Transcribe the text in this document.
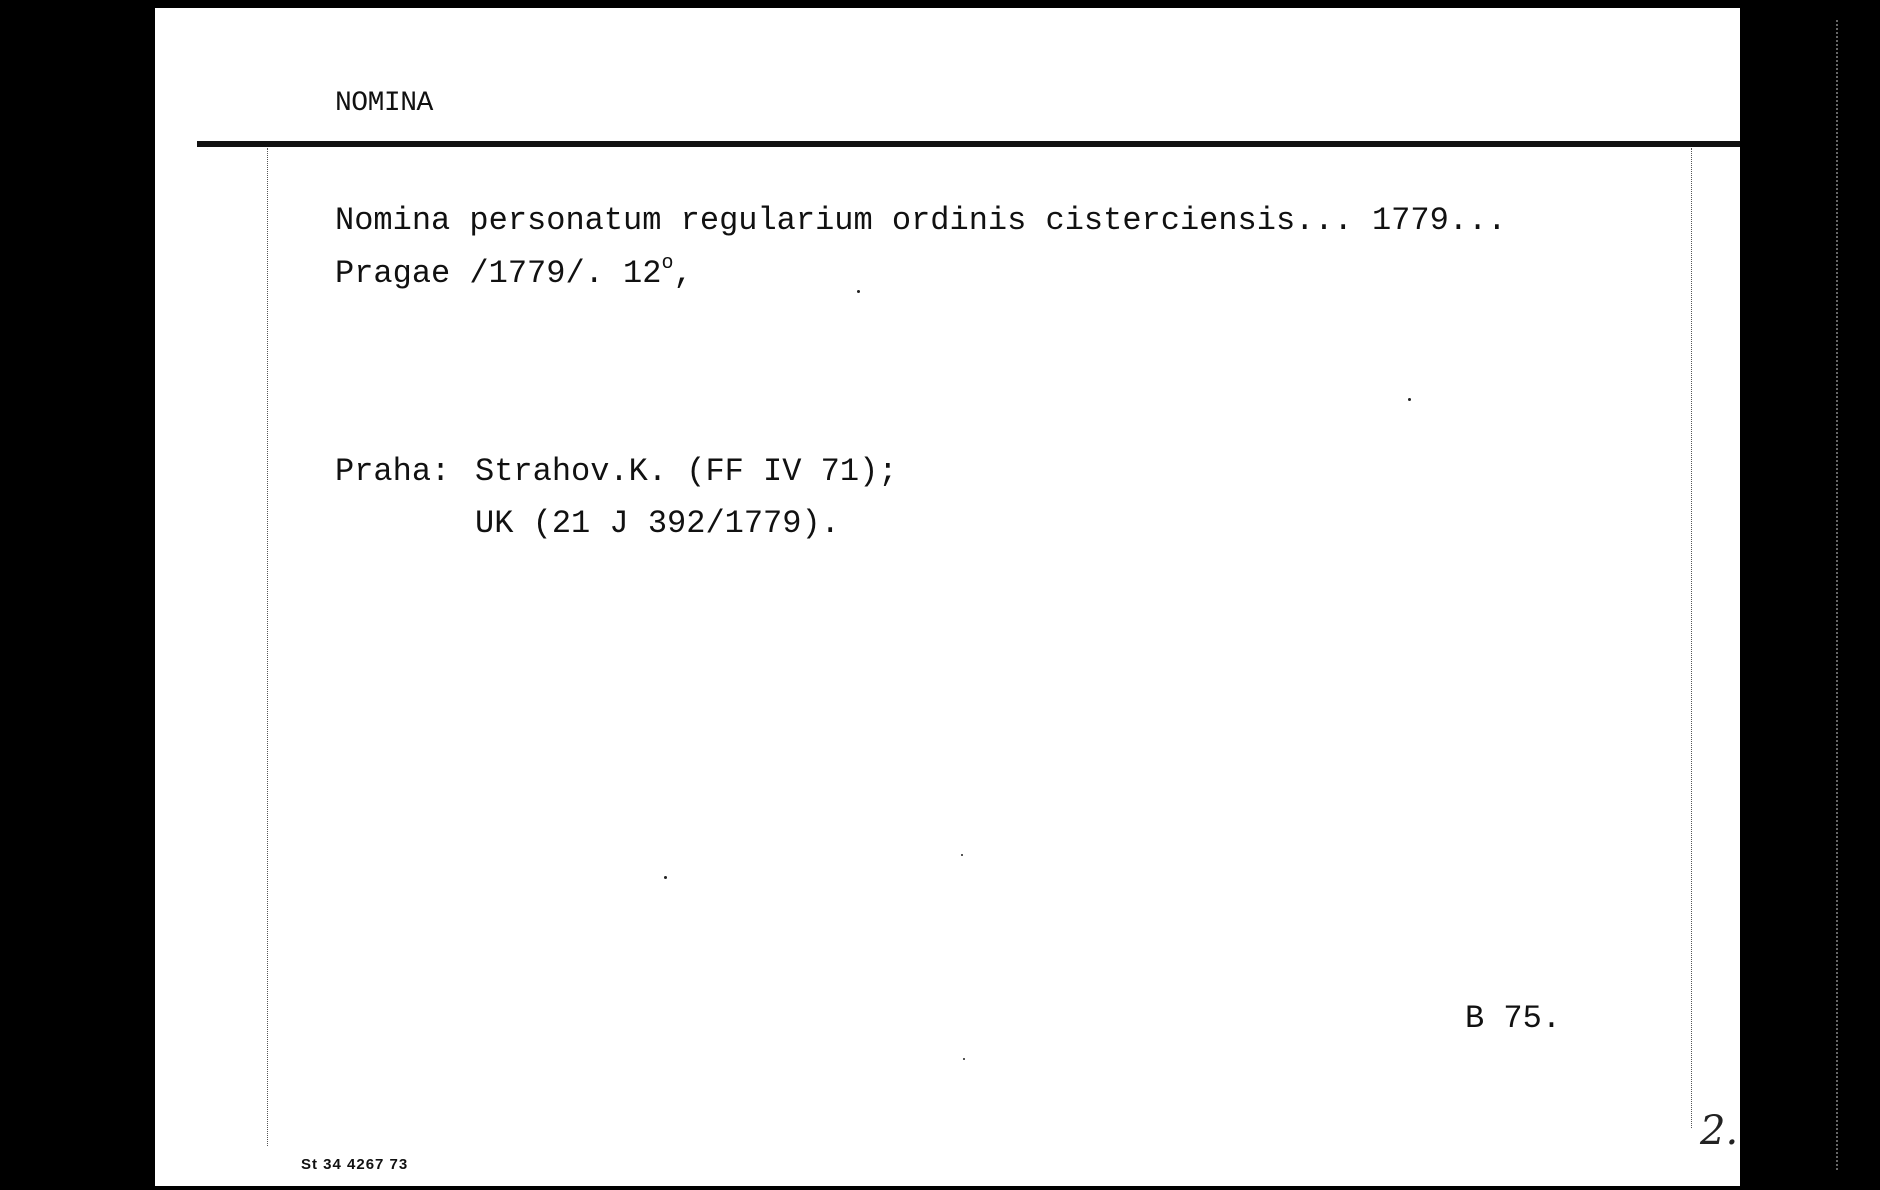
NOMINA
Nomina personatum regularium ordinis cisterciensis... 1779...
Pragae /1779/. 12$^o$,
Praha: Strahov.K. (FF IV 71);
UK (21 J 392/1779).
B 75.
St 34 4267 73
2.
